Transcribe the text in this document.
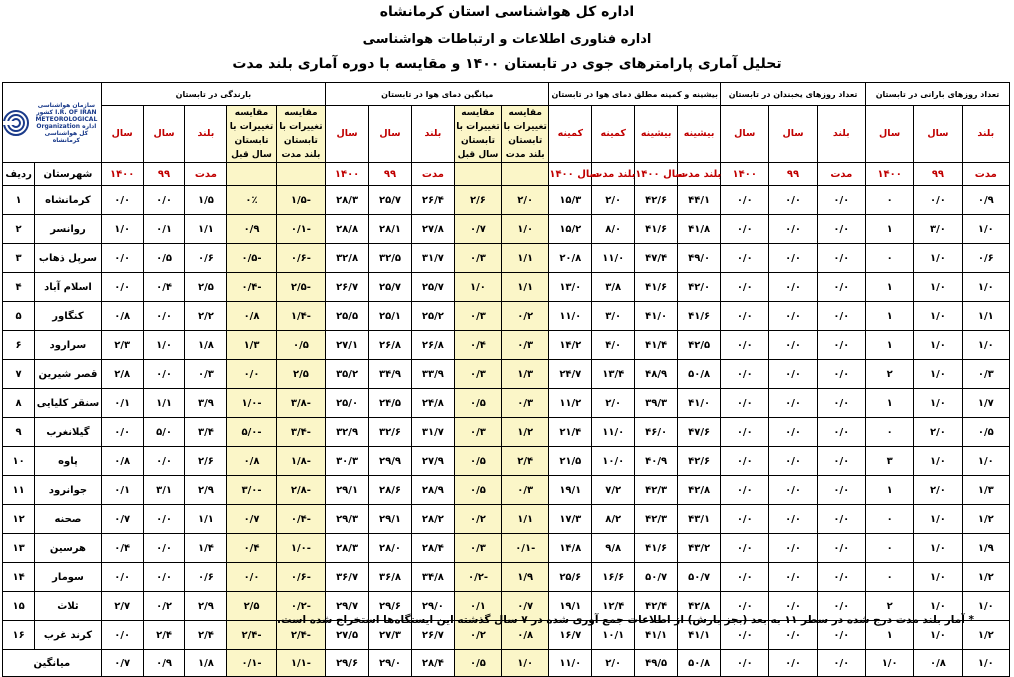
اداره کل هواشناسی استان کرمانشاه
اداره فناوری اطلاعات و ارتباطات هواشناسی
تحلیل آماری پارامترهای جوی در تابستان ۱۴۰۰ و مقایسه با دوره آماری بلند مدت
سازمان هواشناسی کشور I.R. OF IRAN METEOROLOGICAL Organization اداره کل هواشناسی کرمانشاه		بارندگی در تابستان					میانگین دمای هوا در تابستان					بیشینه و کمینه مطلق دمای هوا در تابستان				تعداد روزهای یخبندان در تابستان			تعداد روزهای بارانی در تابستان		
		سال	سال	بلند	مقایسه تغییرات با تابستان سال قبل	مقایسه تغییرات با تابستان بلند مدت	سال	سال	بلند	مقایسه تغییرات با تابستان سال قبل	مقایسه تغییرات با تابستان بلند مدت	کمینه	کمینه	بیشینه	بیشینه	سال	سال	بلند	سال	سال	بلند
ردیف	شهرستان	۱۴۰۰	۹۹	مدت			۱۴۰۰	۹۹	مدت			سال ۱۴۰۰	بلند مدت	سال ۱۴۰۰	بلند مدت	۱۴۰۰	۹۹	مدت	۱۴۰۰	۹۹	مدت
۱	کرمانشاه	۰/۰	۰/۰	۱/۵	۰٪	۱/۵-	۲۸/۳	۲۵/۷	۲۶/۴	۲/۶	۲/۰	۱۵/۳	۲/۰	۴۲/۶	۴۴/۱	۰/۰	۰/۰	۰/۰	۰	۰/۰	۰/۹
۲	روانسر	۱/۰	۰/۱	۱/۱	۰/۹	۰/۱-	۲۸/۸	۲۸/۱	۲۷/۸	۰/۷	۱/۰	۱۵/۲	۸/۰	۴۱/۶	۴۱/۸	۰/۰	۰/۰	۰/۰	۱	۳/۰	۱/۰
۳	سرپل ذهاب	۰/۰	۰/۵	۰/۶	۰/۵-	۰/۶-	۳۲/۸	۳۲/۵	۳۱/۷	۰/۳	۱/۱	۲۰/۸	۱۱/۰	۴۷/۴	۴۹/۰	۰/۰	۰/۰	۰/۰	۰	۱/۰	۰/۶
۴	اسلام آباد	۰/۰	۰/۴	۲/۵	۰/۴-	۲/۵-	۲۶/۷	۲۵/۷	۲۵/۷	۱/۰	۱/۱	۱۳/۰	۳/۸	۴۱/۶	۴۲/۰	۰/۰	۰/۰	۰/۰	۱	۱/۰	۱/۰
۵	کنگاور	۰/۸	۰/۰	۲/۲	۰/۸	۱/۴-	۲۵/۵	۲۵/۱	۲۵/۲	۰/۳	۰/۲	۱۱/۰	۳/۰	۴۱/۰	۴۱/۶	۰/۰	۰/۰	۰/۰	۱	۱/۰	۱/۱
۶	سرارود	۲/۳	۱/۰	۱/۸	۱/۳	۰/۵	۲۷/۱	۲۶/۸	۲۶/۸	۰/۴	۰/۳	۱۴/۲	۴/۰	۴۱/۴	۴۲/۵	۰/۰	۰/۰	۰/۰	۱	۱/۰	۱/۰
۷	قصر شیرین	۲/۸	۰/۰	۰/۳	۰/۰	۲/۵	۳۵/۲	۳۴/۹	۳۳/۹	۰/۳	۱/۳	۲۴/۷	۱۳/۴	۴۸/۹	۵۰/۸	۰/۰	۰/۰	۰/۰	۲	۱/۰	۰/۳
۸	سنقر کلیایی	۰/۱	۱/۱	۳/۹	۱/۰-	۳/۸-	۲۵/۰	۲۴/۵	۲۴/۸	۰/۵	۰/۳	۱۱/۲	۲/۰	۳۹/۳	۴۱/۰	۰/۰	۰/۰	۰/۰	۱	۱/۰	۱/۷
۹	گیلانغرب	۰/۰	۵/۰	۳/۴	۵/۰-	۳/۴-	۳۲/۹	۳۲/۶	۳۱/۷	۰/۳	۱/۲	۲۱/۴	۱۱/۰	۴۶/۰	۴۷/۶	۰/۰	۰/۰	۰/۰	۰	۲/۰	۰/۵
۱۰	پاوه	۰/۸	۰/۰	۲/۶	۰/۸	۱/۸-	۳۰/۳	۲۹/۹	۲۷/۹	۰/۵	۲/۴	۲۱/۵	۱۰/۰	۴۰/۹	۴۲/۶	۰/۰	۰/۰	۰/۰	۳	۱/۰	۱/۰
۱۱	جوانرود	۰/۱	۳/۱	۲/۹	۳/۰-	۲/۸-	۲۹/۱	۲۸/۶	۲۸/۹	۰/۵	۰/۳	۱۹/۱	۷/۲	۴۲/۳	۴۲/۸	۰/۰	۰/۰	۰/۰	۱	۲/۰	۱/۳
۱۲	صحنه	۰/۷	۰/۰	۱/۱	۰/۷	۰/۴-	۲۹/۳	۲۹/۱	۲۸/۲	۰/۲	۱/۱	۱۷/۳	۸/۲	۴۲/۳	۴۳/۱	۰/۰	۰/۰	۰/۰	۰	۱/۰	۱/۲
۱۳	هرسین	۰/۴	۰/۰	۱/۴	۰/۴	۱/۰-	۲۸/۳	۲۸/۰	۲۸/۴	۰/۳	۰/۱-	۱۴/۸	۹/۸	۴۱/۶	۴۳/۲	۰/۰	۰/۰	۰/۰	۰	۱/۰	۱/۹
۱۴	سومار	۰/۰	۰/۰	۰/۶	۰/۰	۰/۶-	۳۶/۷	۳۶/۸	۳۴/۸	۰/۲-	۱/۹	۲۵/۶	۱۶/۶	۵۰/۷	۵۰/۷	۰/۰	۰/۰	۰/۰	۰	۱/۰	۱/۲
۱۵	ثلاث	۲/۷	۰/۲	۲/۹	۲/۵	۰/۲-	۲۹/۷	۲۹/۶	۲۹/۰	۰/۱	۰/۷	۱۹/۱	۱۲/۴	۴۲/۴	۴۲/۸	۰/۰	۰/۰	۰/۰	۲	۱/۰	۱/۰
۱۶	کرند غرب	۰/۰	۲/۴	۲/۴	۲/۴-	۲/۴-	۲۷/۵	۲۷/۳	۲۶/۷	۰/۲	۰/۸	۱۶/۷	۱۰/۱	۴۱/۱	۴۱/۱	۰/۰	۰/۰	۰/۰	۱	۱/۰	۱/۲
میانگین		۰/۷	۰/۹	۱/۸	۰/۱-	۱/۱-	۲۹/۶	۲۹/۰	۲۸/۴	۰/۵	۱/۰	۱۱/۰	۲/۰	۴۹/۵	۵۰/۸	۰/۰	۰/۰	۰/۰	۱/۰	۰/۸	۱/۰
* آمار بلند مدت درج شده در سطر ۱۱ به بعد (بجز بارش) از اطلاعات جمع آوری شده در ۷ سال گذشته این ایستگاه‌ها استخراج شده است.
